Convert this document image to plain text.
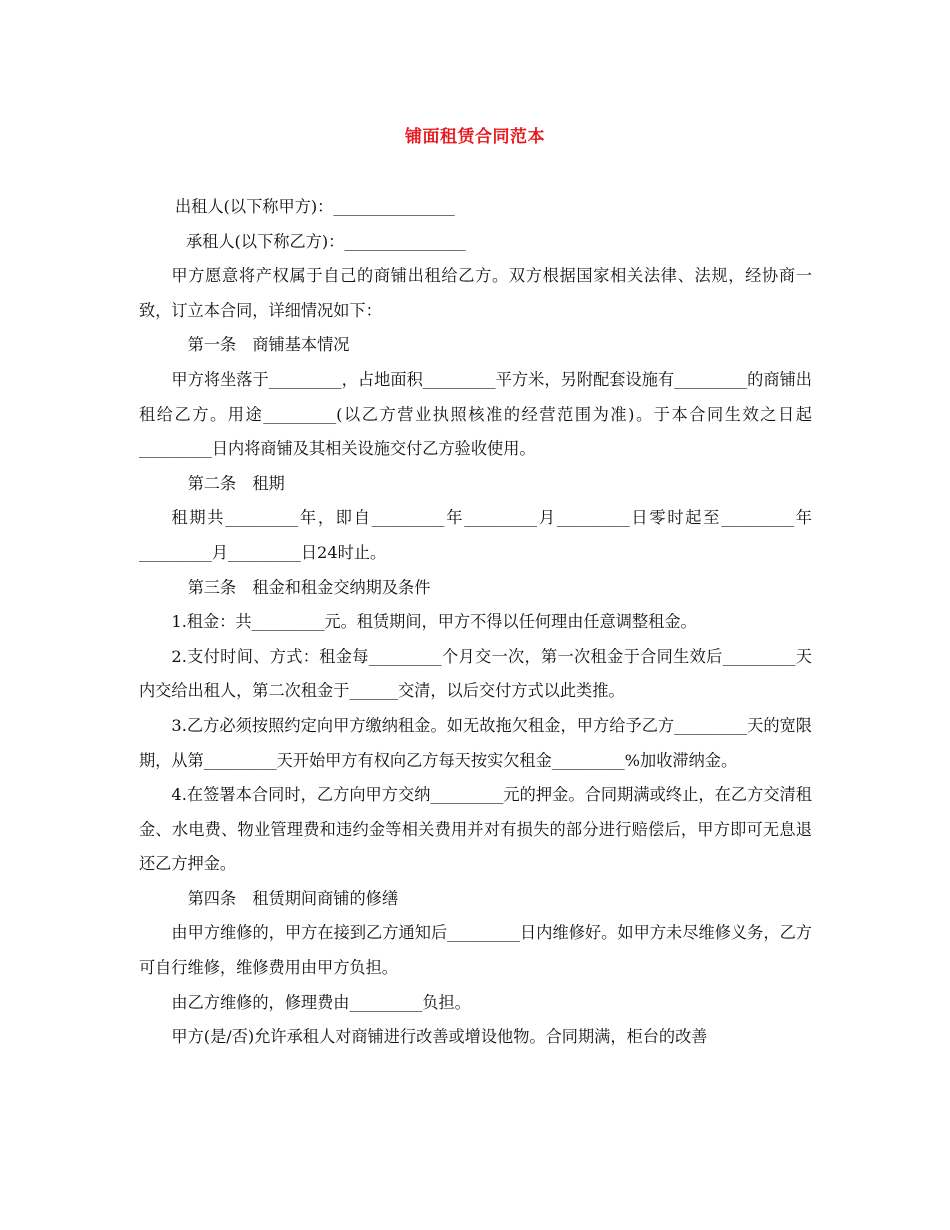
铺面租赁合同范本

出租人(以下称甲方)：_______________

承租人(以下称乙方)：_______________

甲方愿意将产权属于自己的商铺出租给乙方。双方根据国家相关法律、法规，经协商一致，订立本合同，详细情况如下：

第一条　商铺基本情况

甲方将坐落于_________，占地面积_________平方米，另附配套设施有_________的商铺出租给乙方。用途_________(以乙方营业执照核准的经营范围为准)。于本合同生效之日起_________日内将商铺及其相关设施交付乙方验收使用。

第二条　租期

租期共_________年，即自_________年_________月_________日零时起至_________年_________月_________日24时止。

第三条　租金和租金交纳期及条件

1.租金：共_________元。租赁期间，甲方不得以任何理由任意调整租金。

2.支付时间、方式：租金每_________个月交一次，第一次租金于合同生效后_________天内交给出租人，第二次租金于______交清，以后交付方式以此类推。

3.乙方必须按照约定向甲方缴纳租金。如无故拖欠租金，甲方给予乙方_________天的宽限期，从第_________天开始甲方有权向乙方每天按实欠租金_________%加收滞纳金。

4.在签署本合同时，乙方向甲方交纳_________元的押金。合同期满或终止，在乙方交清租金、水电费、物业管理费和违约金等相关费用并对有损失的部分进行赔偿后，甲方即可无息退还乙方押金。

第四条　租赁期间商铺的修缮

由甲方维修的，甲方在接到乙方通知后_________日内维修好。如甲方未尽维修义务，乙方可自行维修，维修费用由甲方负担。

由乙方维修的，修理费由_________负担。

甲方(是/否)允许承租人对商铺进行改善或增设他物。合同期满，柜台的改善
